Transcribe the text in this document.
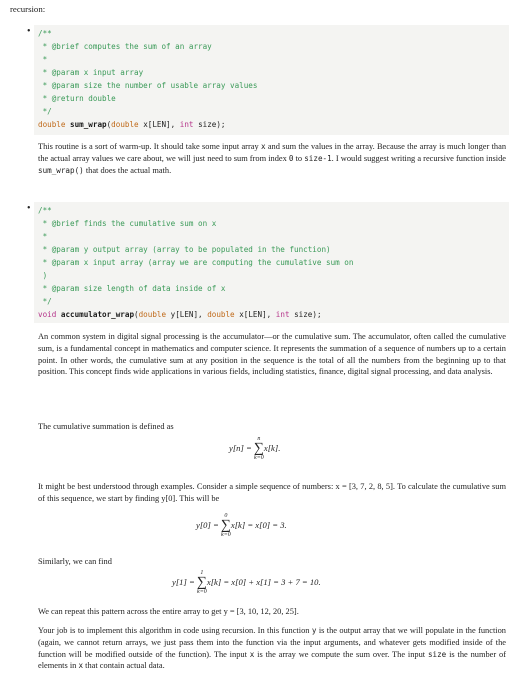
recursion:
• /**
* @brief computes the sum of an array
*
* @param x input array
* @param size the number of usable array values
* @return double
*/
double sum_wrap(double x[LEN], int size);
This routine is a sort of warm-up. It should take some input array x and sum the values in the array. Because the array is much longer than the actual array values we care about, we will just need to sum from index 0 to size-1. I would suggest writing a recursive function inside sum_wrap() that does the actual math.
• /**
* @brief finds the cumulative sum on x
*
* @param y output array (array to be populated in the function)
* @param x input array (array we are computing the cumulative sum on
)
* @param size length of data inside of x
*/
void accumulator_wrap(double y[LEN], double x[LEN], int size);
An common system in digital signal processing is the accumulator—or the cumulative sum. The accumulator, often called the cumulative sum, is a fundamental concept in mathematics and computer science. It represents the summation of a sequence of numbers up to a certain point. In other words, the cumulative sum at any position in the sequence is the total of all the numbers from the beginning up to that position. This concept finds wide applications in various fields, including statistics, finance, digital signal processing, and data analysis.
The cumulative summation is defined as
y[n] =
n
∑
k=0
x[k].
It might be best understood through examples. Consider a simple sequence of numbers: x = [3, 7, 2, 8, 5]. To calculate the cumulative sum of this sequence, we start by finding y[0]. This will be
y[0] =
0
∑
k=0
x[k] = x[0] = 3.
Similarly, we can find
y[1] =
1
∑
k=0
x[k] = x[0] + x[1] = 3 + 7 = 10.
We can repeat this pattern across the entire array to get y = [3, 10, 12, 20, 25].
Your job is to implement this algorithm in code using recursion. In this function y is the output array that we will populate in the function (again, we cannot return arrays, we just pass them into the function via the input arguments, and whatever gets modified inside of the function will be modified outside of the function). The input x is the array we compute the sum over. The input size is the number of elements in x that contain actual data.
